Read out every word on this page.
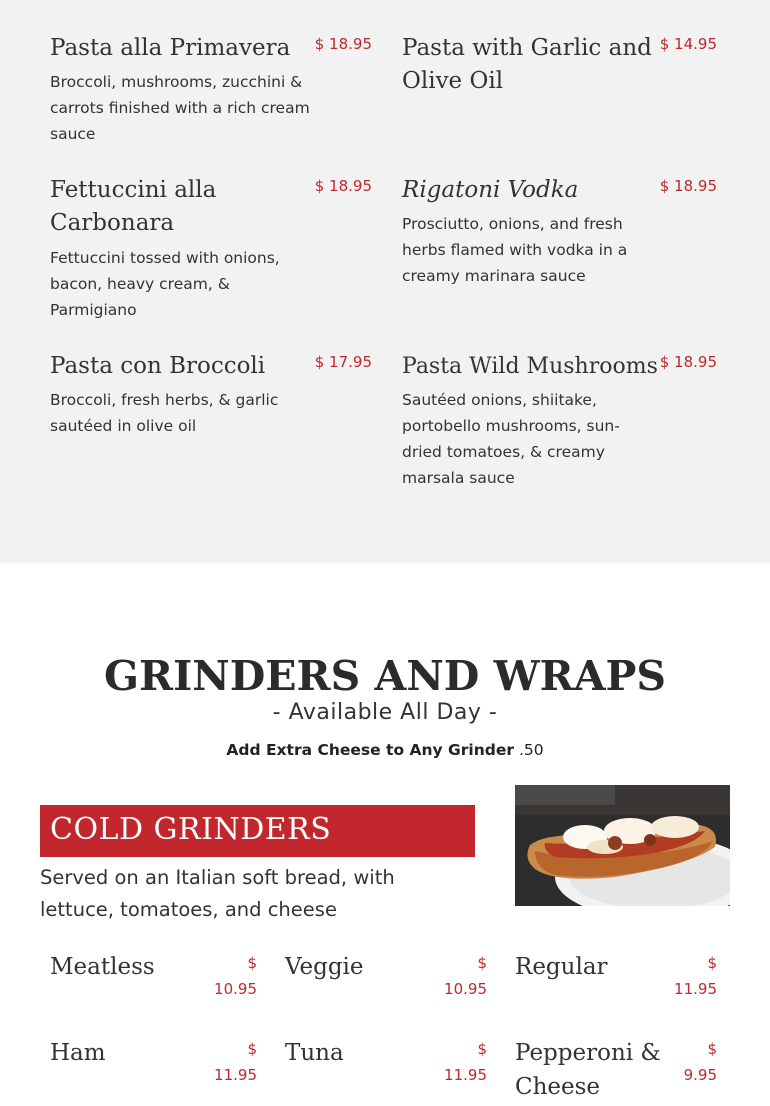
Pasta alla Primavera	$ 18.95
Broccoli, mushrooms, zucchini & carrots finished with a rich cream sauce
Pasta with Garlic and Olive Oil
$ 14.95
Fettuccini alla Carbonara
$ 18.95
Fettuccini tossed with onions, bacon, heavy cream, & Parmigiano
Rigatoni Vodka	$ 18.95
Prosciutto, onions, and fresh herbs flamed with vodka in a creamy marinara sauce
Pasta con Broccoli	$ 17.95
Broccoli, fresh herbs, & garlic sautéed in olive oil
Pasta Wild Mushrooms $ 18.95
Sautéed onions, shiitake, portobello mushrooms, sun-dried tomatoes, & creamy marsala sauce
GRINDERS AND WRAPS
- Available All Day -
Add Extra Cheese to Any Grinder .50
COLD GRINDERS
Served on an Italian soft bread, with lettuce, tomatoes, and cheese
Meatless	$
10.95
Veggie	$
10.95
Regular	$
11.95
Ham	$
11.95
Tuna	$
11.95
Pepperoni & Cheese
$
9.95
